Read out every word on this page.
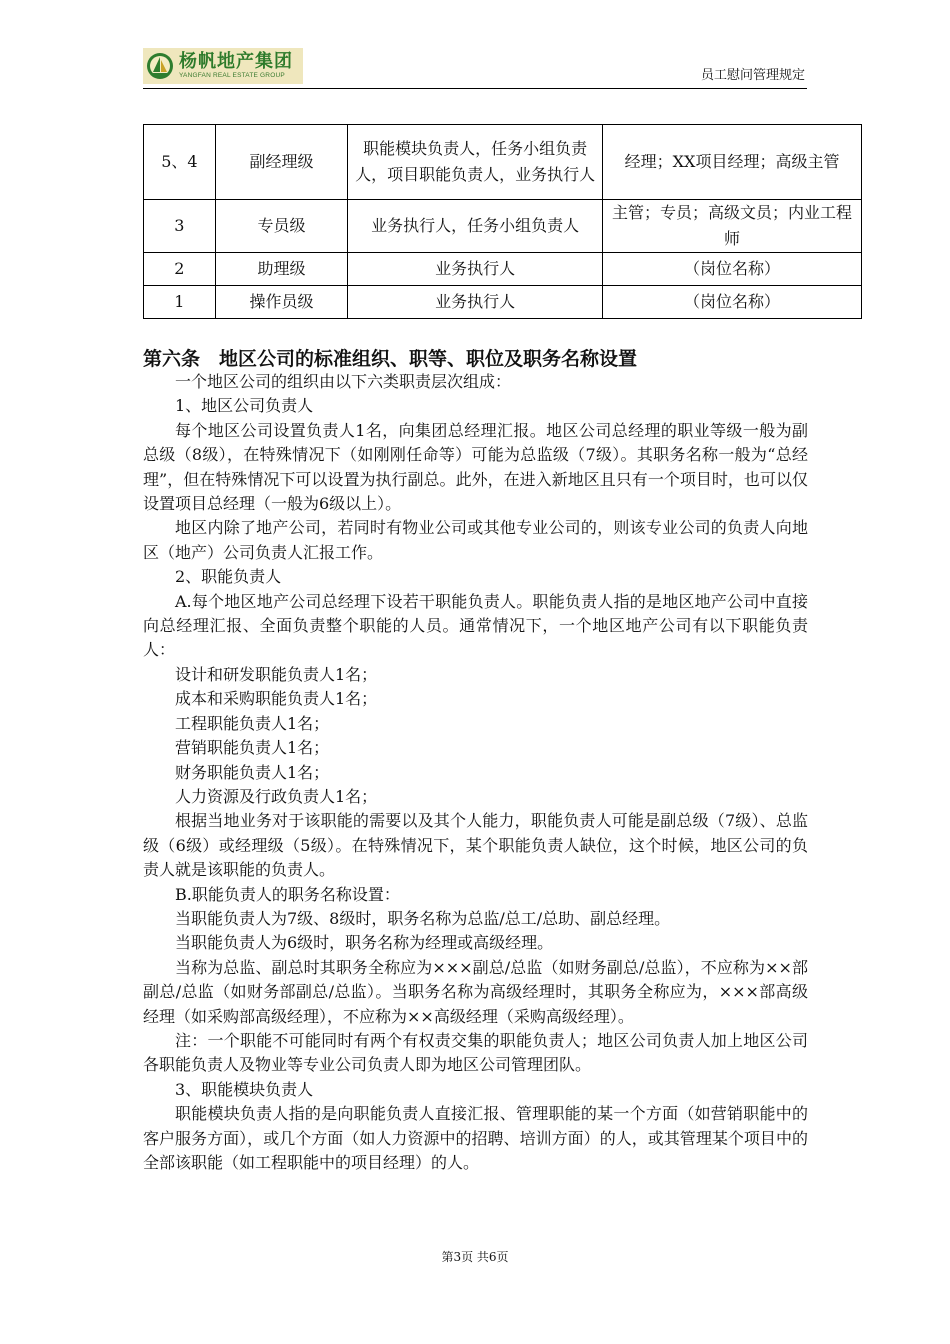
杨帆地产集团
YANGFAN REAL ESTATE GROUP	员工慰问管理规定
5、4	副经理级	职能模块负责人，任务小组负责人，项目职能负责人，业务执行人	经理；XX项目经理；高级主管
3	专员级	业务执行人，任务小组负责人	主管；专员；高级文员；内业工程师
2	助理级	业务执行人	（岗位名称）
1	操作员级	业务执行人	（岗位名称）
第六条　地区公司的标准组织、职等、职位及职务名称设置

一个地区公司的组织由以下六类职责层次组成：

1、地区公司负责人

每个地区公司设置负责人1名，向集团总经理汇报。地区公司总经理的职业等级一般为副总级（8级），在特殊情况下（如刚刚任命等）可能为总监级（7级）。其职务名称一般为“总经理”，但在特殊情况下可以设置为执行副总。此外，在进入新地区且只有一个项目时，也可以仅设置项目总经理（一般为6级以上）。

地区内除了地产公司，若同时有物业公司或其他专业公司的，则该专业公司的负责人向地区（地产）公司负责人汇报工作。

2、职能负责人

A.每个地区地产公司总经理下设若干职能负责人。职能负责人指的是地区地产公司中直接向总经理汇报、全面负责整个职能的人员。通常情况下，一个地区地产公司有以下职能负责人：

设计和研发职能负责人1名；

成本和采购职能负责人1名；

工程职能负责人1名；

营销职能负责人1名；

财务职能负责人1名；

人力资源及行政负责人1名；

根据当地业务对于该职能的需要以及其个人能力，职能负责人可能是副总级（7级）、总监级（6级）或经理级（5级）。在特殊情况下，某个职能负责人缺位，这个时候，地区公司的负责人就是该职能的负责人。

B.职能负责人的职务名称设置：

当职能负责人为7级、8级时，职务名称为总监/总工/总助、副总经理。

当职能负责人为6级时，职务名称为经理或高级经理。

当称为总监、副总时其职务全称应为×××副总/总监（如财务副总/总监），不应称为××部副总/总监（如财务部副总/总监）。当职务名称为高级经理时，其职务全称应为，×××部高级经理（如采购部高级经理），不应称为××高级经理（采购高级经理）。

注：一个职能不可能同时有两个有权责交集的职能负责人；地区公司负责人加上地区公司各职能负责人及物业等专业公司负责人即为地区公司管理团队。

3、职能模块负责人

职能模块负责人指的是向职能负责人直接汇报、管理职能的某一个方面（如营销职能中的客户服务方面），或几个方面（如人力资源中的招聘、培训方面）的人，或其管理某个项目中的全部该职能（如工程职能中的项目经理）的人。

第3页 共6页
